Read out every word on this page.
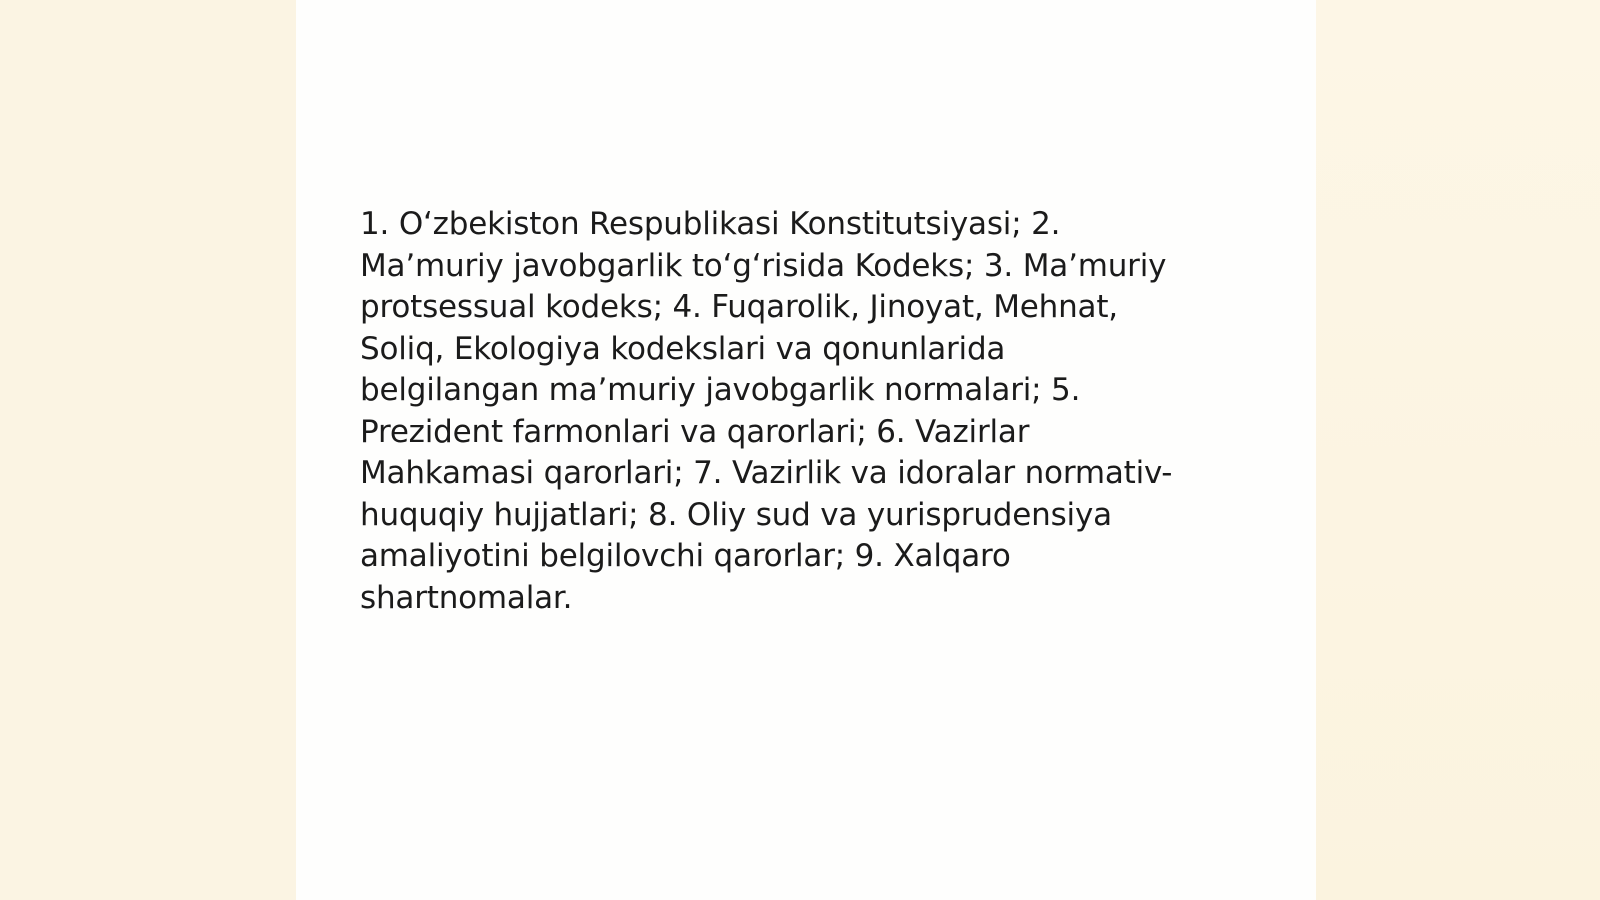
1. O‘zbekiston Respublikasi Konstitutsiyasi; 2.
Ma’muriy javobgarlik to‘g‘risida Kodeks; 3. Ma’muriy
protsessual kodeks; 4. Fuqarolik, Jinoyat, Mehnat,
Soliq, Ekologiya kodekslari va qonunlarida
belgilangan ma’muriy javobgarlik normalari; 5.
Prezident farmonlari va qarorlari; 6. Vazirlar
Mahkamasi qarorlari; 7. Vazirlik va idoralar normativ-
huquqiy hujjatlari; 8. Oliy sud va yurisprudensiya
amaliyotini belgilovchi qarorlar; 9. Xalqaro
shartnomalar.
